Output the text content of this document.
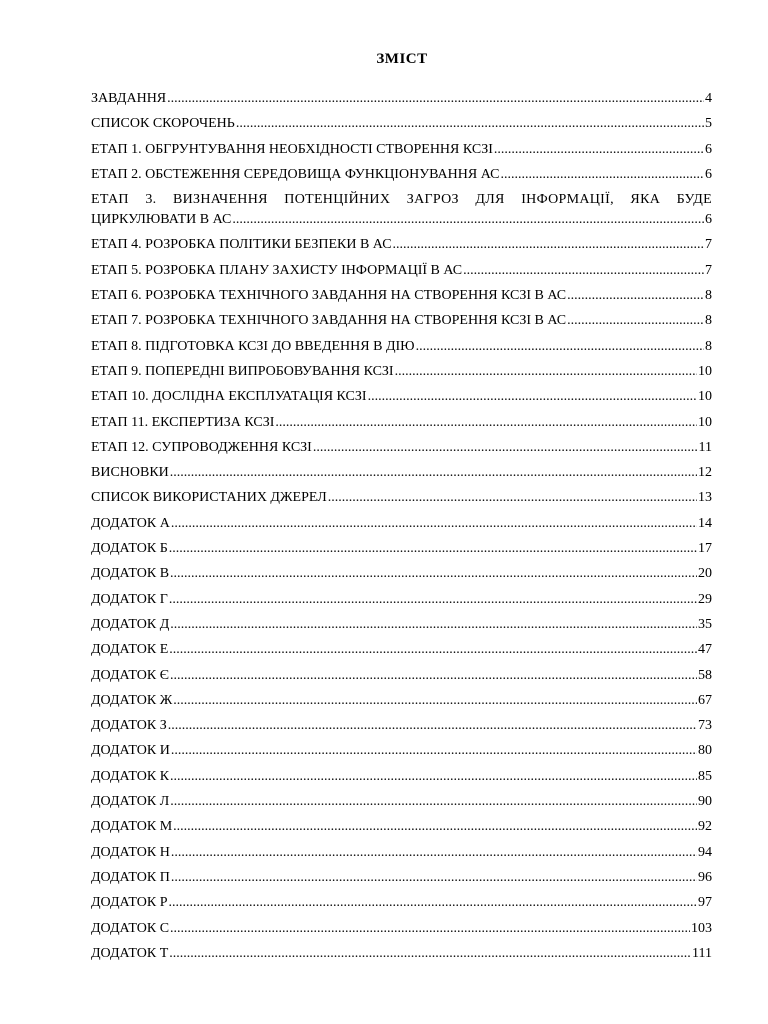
ЗМІСТ
ЗАВДАННЯ .....	4
СПИСОК СКОРОЧЕНЬ .....	5
ЕТАП 1. ОБГРУНТУВАННЯ НЕОБХІДНОСТІ СТВОРЕННЯ КСЗІ .....	6
ЕТАП 2. ОБСТЕЖЕННЯ СЕРЕДОВИЩА ФУНКЦІОНУВАННЯ АС .....	6
ЕТАП 3. ВИЗНАЧЕННЯ ПОТЕНЦІЙНИХ ЗАГРОЗ ДЛЯ ІНФОРМАЦІЇ, ЯКА БУДЕ
ЦИРКУЛЮВАТИ В АС .....	6
ЕТАП 4. РОЗРОБКА ПОЛІТИКИ БЕЗПЕКИ В АС .....	7
ЕТАП 5. РОЗРОБКА ПЛАНУ ЗАХИСТУ ІНФОРМАЦІЇ В АС .....	7
ЕТАП 6. РОЗРОБКА ТЕХНІЧНОГО ЗАВДАННЯ НА СТВОРЕННЯ КСЗІ В АС .....	8
ЕТАП 7. РОЗРОБКА ТЕХНІЧНОГО ЗАВДАННЯ НА СТВОРЕННЯ КСЗІ В АС .....	8
ЕТАП 8. ПІДГОТОВКА КСЗІ ДО ВВЕДЕННЯ В ДІЮ .....	8
ЕТАП 9. ПОПЕРЕДНІ ВИПРОБОВУВАННЯ КСЗІ .....	10
ЕТАП 10. ДОСЛІДНА ЕКСПЛУАТАЦІЯ КСЗІ .....	10
ЕТАП 11. ЕКСПЕРТИЗА КСЗІ .....	10
ЕТАП 12. СУПРОВОДЖЕННЯ КСЗІ .....	11
ВИСНОВКИ .....	12
СПИСОК ВИКОРИСТАНИХ ДЖЕРЕЛ .....	13
ДОДАТОК А .....	14
ДОДАТОК Б .....	17
ДОДАТОК В .....	20
ДОДАТОК Г .....	29
ДОДАТОК Д .....	35
ДОДАТОК Е .....	47
ДОДАТОК Є .....	58
ДОДАТОК Ж .....	67
ДОДАТОК З .....	73
ДОДАТОК И .....	80
ДОДАТОК К .....	85
ДОДАТОК Л .....	90
ДОДАТОК М .....	92
ДОДАТОК Н .....	94
ДОДАТОК П .....	96
ДОДАТОК Р .....	97
ДОДАТОК С .....	103
ДОДАТОК Т .....	111
